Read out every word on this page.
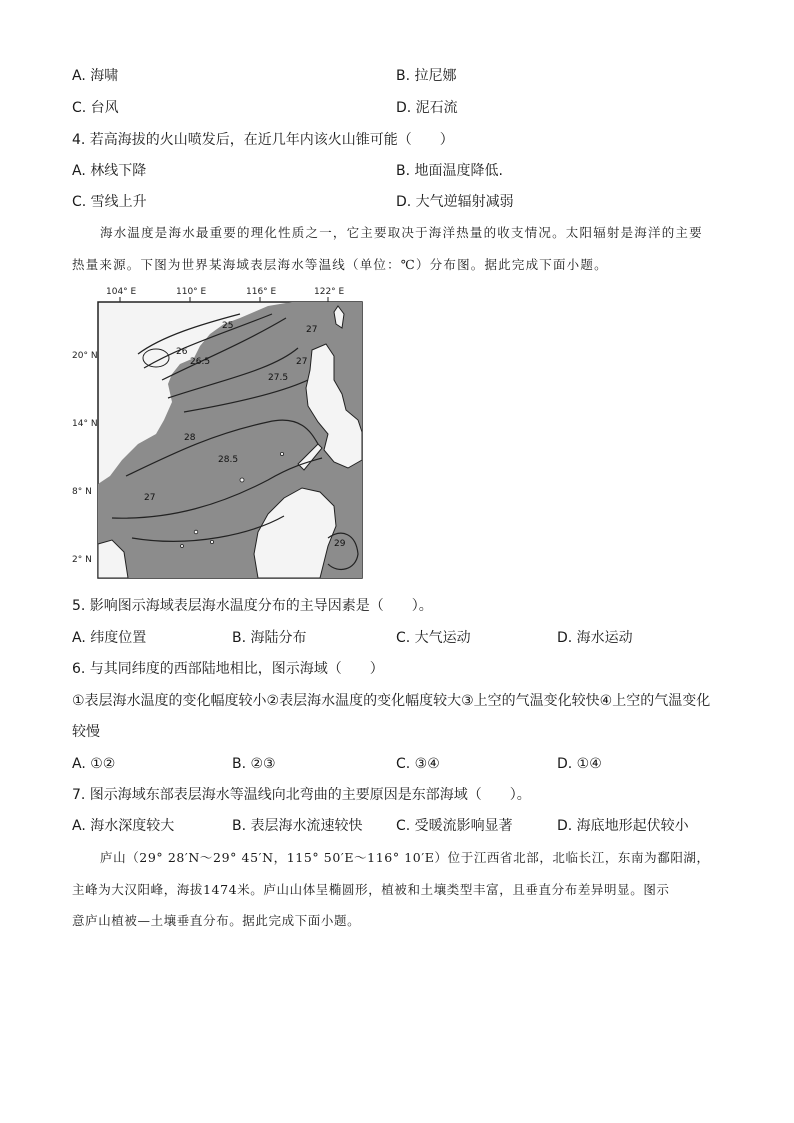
A. 海啸	B. 拉尼娜
C. 台风	D. 泥石流
4. 若高海拔的火山喷发后，在近几年内该火山锥可能（　　）
A. 林线下降	B. 地面温度降低.
C. 雪线上升	D. 大气逆辐射减弱
海水温度是海水最重要的理化性质之一，它主要取决于海洋热量的收支情况。太阳辐射是海洋的主要
热量来源。下图为世界某海域表层海水等温线（单位：℃）分布图。据此完成下面小题。
104° E	110° E	116° E	122° E
20° N
14° N
8° N
2° N
25
26
26.5
27
27.5
27
28
28.5
27
29
5. 影响图示海域表层海水温度分布的主导因素是（　　）。
A. 纬度位置	B. 海陆分布	C. 大气运动	D. 海水运动
6. 与其同纬度的西部陆地相比，图示海域（　　）
①表层海水温度的变化幅度较小②表层海水温度的变化幅度较大③上空的气温变化较快④上空的气温变化
较慢
A. ①②	B. ②③	C. ③④	D. ①④
7. 图示海域东部表层海水等温线向北弯曲的主要原因是东部海域（　　）。
A. 海水深度较大	B. 表层海水流速较快 C. 受暖流影响显著	D. 海底地形起伏较小
庐山（29° 28′N～29° 45′N，115° 50′E～116° 10′E）位于江西省北部，北临长江，东南为鄱阳湖，
主峰为大汉阳峰，海拔1474米。庐山山体呈椭圆形，植被和土壤类型丰富，且垂直分布差异明显。图示
意庐山植被—土壤垂直分布。据此完成下面小题。
